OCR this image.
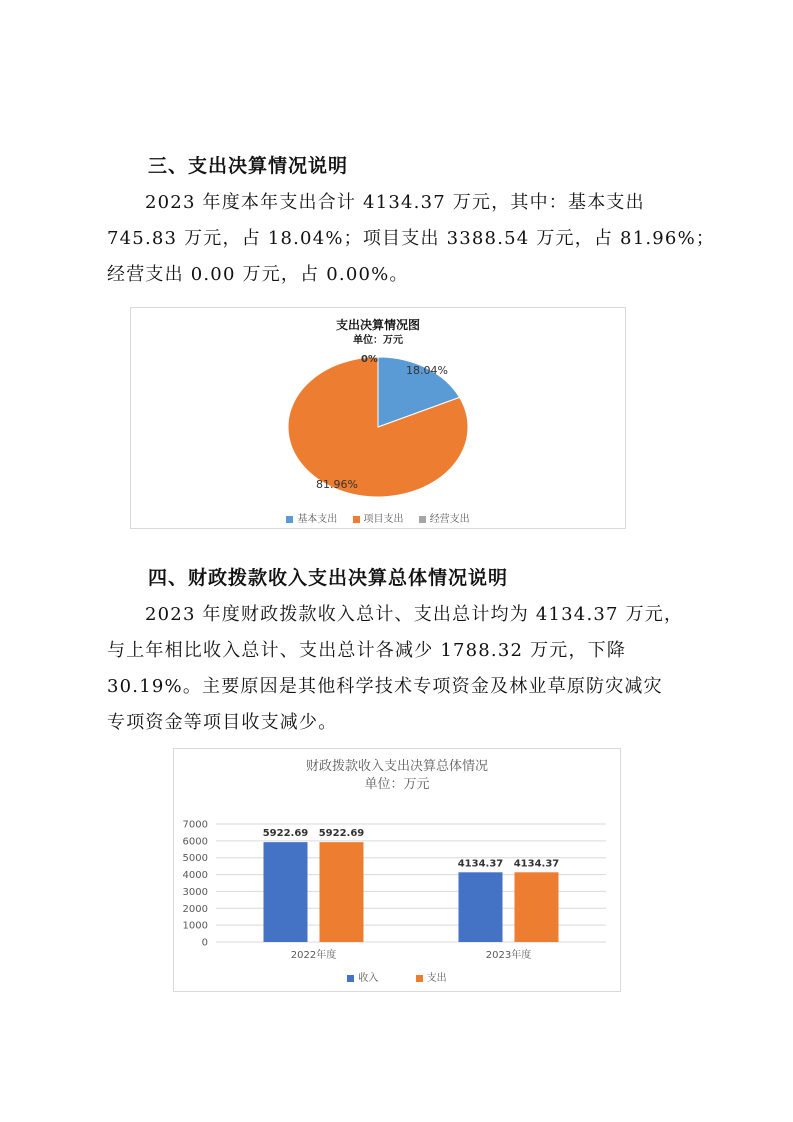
三、支出决算情况说明
2023 年度本年支出合计 4134.37 万元，其中：基本支出
745.83 万元，占 18.04%；项目支出 3388.54 万元，占 81.96%；
经营支出 0.00 万元，占 0.00%。
支出决算情况图
单位：万元
18.04%
81.96%
0%
基本支出	项目支出	经营支出
四、财政拨款收入支出决算总体情况说明
2023 年度财政拨款收入总计、支出总计均为 4134.37 万元，
与上年相比收入总计、支出总计各减少 1788.32 万元，下降
30.19%。主要原因是其他科学技术专项资金及林业草原防灾减灾
专项资金等项目收支减少。
财政拨款收入支出决算总体情况
单位：万元
0
1000
2000
3000
4000
5000
6000
7000
5922.69 5922.69
4134.37 4134.37
2022年度	2023年度
收入	支出
